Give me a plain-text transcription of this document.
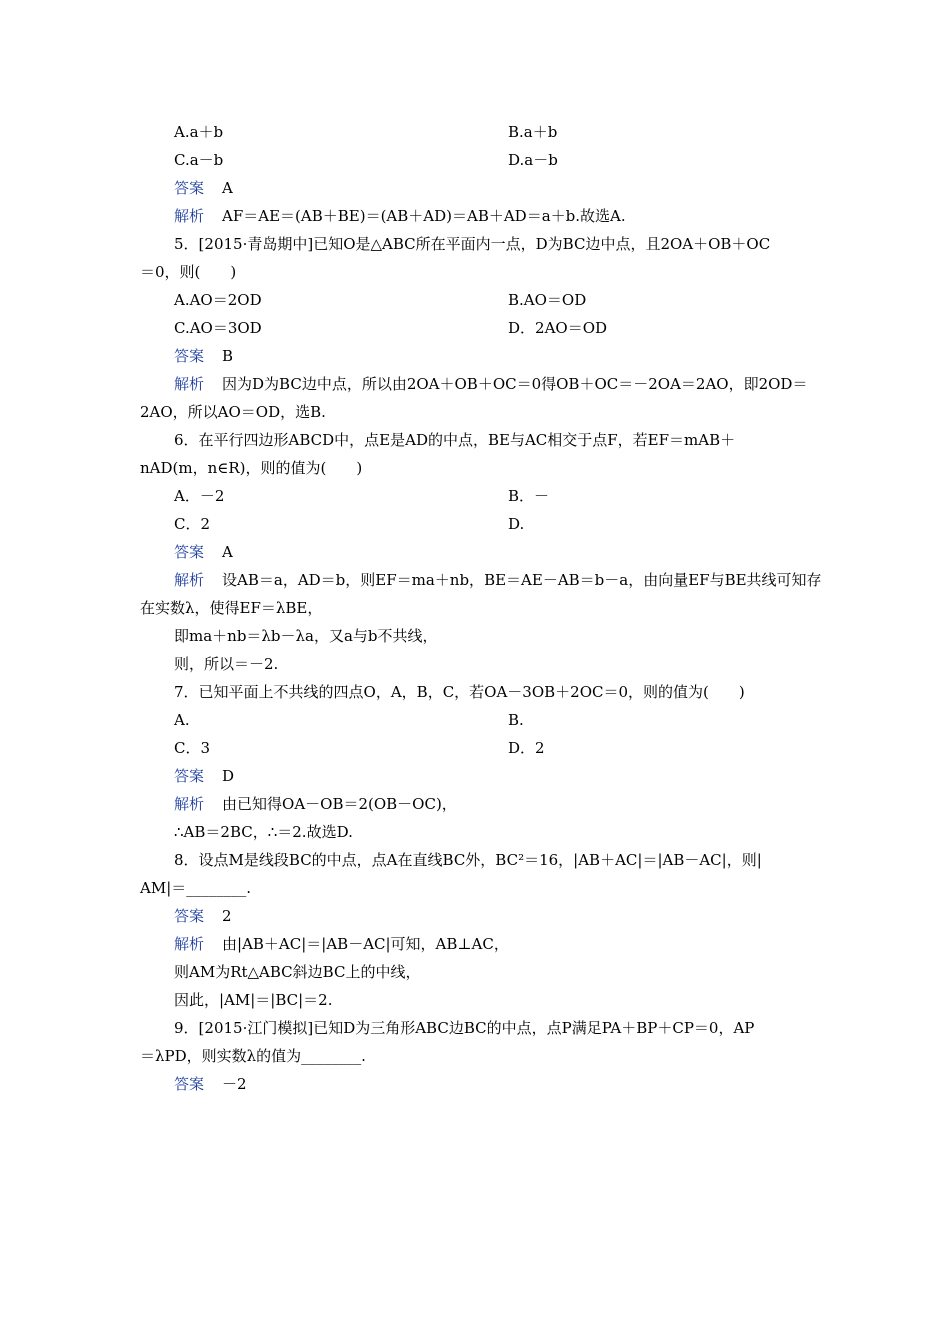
A.a＋b	B.a＋b
C.a－b	D.a－b
答案 A
解析 AF＝AE＝(AB＋BE)＝(AB＋AD)＝AB＋AD＝a＋b.故选A.
5．[2015·青岛期中]已知O是△ABC所在平面内一点，D为BC边中点，且2OA＋OB＋OC
＝0，则(　　)
A.AO＝2OD	B.AO＝OD
C.AO＝3OD	D．2AO＝OD
答案 B
解析 因为D为BC边中点，所以由2OA＋OB＋OC＝0得OB＋OC＝－2OA＝2AO，即2OD＝
2AO，所以AO＝OD，选B.
6．在平行四边形ABCD中，点E是AD的中点，BE与AC相交于点F，若EF＝mAB＋
nAD(m，n∈R)，则的值为(　　)
A．－2	B．－
C．2	D.
答案 A
解析 设AB＝a，AD＝b，则EF＝ma＋nb，BE＝AE－AB＝b－a，由向量EF与BE共线可知存
在实数λ，使得EF＝λBE，
即ma＋nb＝λb－λa，又a与b不共线，
则，所以＝－2.
7．已知平面上不共线的四点O，A，B，C，若OA－3OB＋2OC＝0，则的值为(　　)
A.	B.
C．3	D．2
答案 D
解析 由已知得OA－OB＝2(OB－OC)，
∴AB＝2BC，∴＝2.故选D.
8．设点M是线段BC的中点，点A在直线BC外，BC²＝16，|AB＋AC|＝|AB－AC|，则|
AM|＝________.
答案 2
解析 由|AB＋AC|＝|AB－AC|可知，AB⊥AC，
则AM为Rt△ABC斜边BC上的中线，
因此，|AM|＝|BC|＝2.
9．[2015·江门模拟]已知D为三角形ABC边BC的中点，点P满足PA＋BP＋CP＝0，AP
＝λPD，则实数λ的值为________.
答案 －2
